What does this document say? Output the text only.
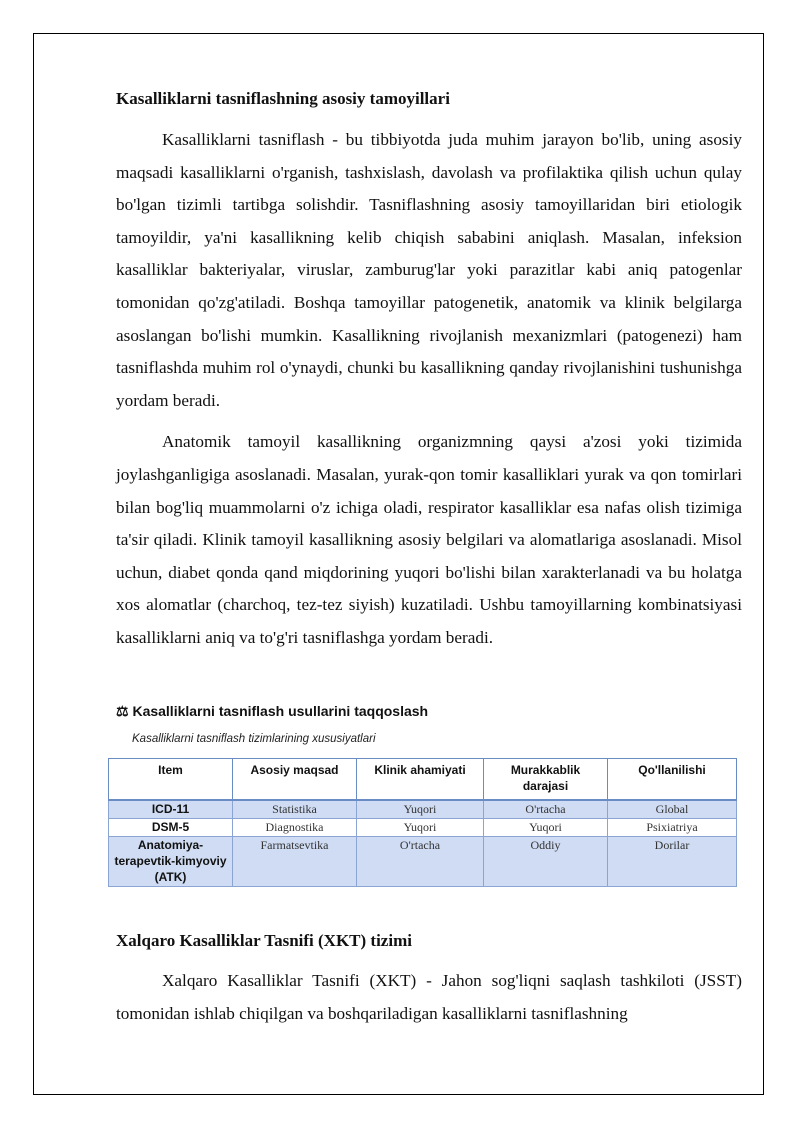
Kasalliklarni tasniflashning asosiy tamoyillari

Kasalliklarni tasniflash - bu tibbiyotda juda muhim jarayon bo'lib, uning asosiy maqsadi kasalliklarni o'rganish, tashxislash, davolash va profilaktika qilish uchun qulay bo'lgan tizimli tartibga solishdir. Tasniflashning asosiy tamoyillaridan biri etiologik tamoyildir, ya'ni kasallikning kelib chiqish sababini aniqlash. Masalan, infeksion kasalliklar bakteriyalar, viruslar, zamburug'lar yoki parazitlar kabi aniq patogenlar tomonidan qo'zg'atiladi. Boshqa tamoyillar patogenetik, anatomik va klinik belgilarga asoslangan bo'lishi mumkin. Kasallikning rivojlanish mexanizmlari (patogenezi) ham tasniflashda muhim rol o'ynaydi, chunki bu kasallikning qanday rivojlanishini tushunishga yordam beradi.

Anatomik tamoyil kasallikning organizmning qaysi a'zosi yoki tizimida joylashganligiga asoslanadi. Masalan, yurak-qon tomir kasalliklari yurak va qon tomirlari bilan bog'liq muammolarni o'z ichiga oladi, respirator kasalliklar esa nafas olish tizimiga ta'sir qiladi. Klinik tamoyil kasallikning asosiy belgilari va alomatlariga asoslanadi. Misol uchun, diabet qonda qand miqdorining yuqori bo'lishi bilan xarakterlanadi va bu holatga xos alomatlar (charchoq, tez-tez siyish) kuzatiladi. Ushbu tamoyillarning kombinatsiyasi kasalliklarni aniq va to'g'ri tasniflashga yordam beradi.

⚖ Kasalliklarni tasniflash usullarini taqqoslash
Kasalliklarni tasniflash tizimlarining xususiyatlari
Item	Asosiy maqsad	Klinik ahamiyati	Murakkablik darajasi	Qo'llanilishi
ICD-11	Statistika	Yuqori	O'rtacha	Global
DSM-5	Diagnostika	Yuqori	Yuqori	Psixiatriya
Anatomiya-terapevtik-kimyoviy (ATK)	Farmatsevtika	O'rtacha	Oddiy	Dorilar
Xalqaro Kasalliklar Tasnifi (XKT) tizimi

Xalqaro Kasalliklar Tasnifi (XKT) - Jahon sog'liqni saqlash tashkiloti (JSST) tomonidan ishlab chiqilgan va boshqariladigan kasalliklarni tasniflashning
